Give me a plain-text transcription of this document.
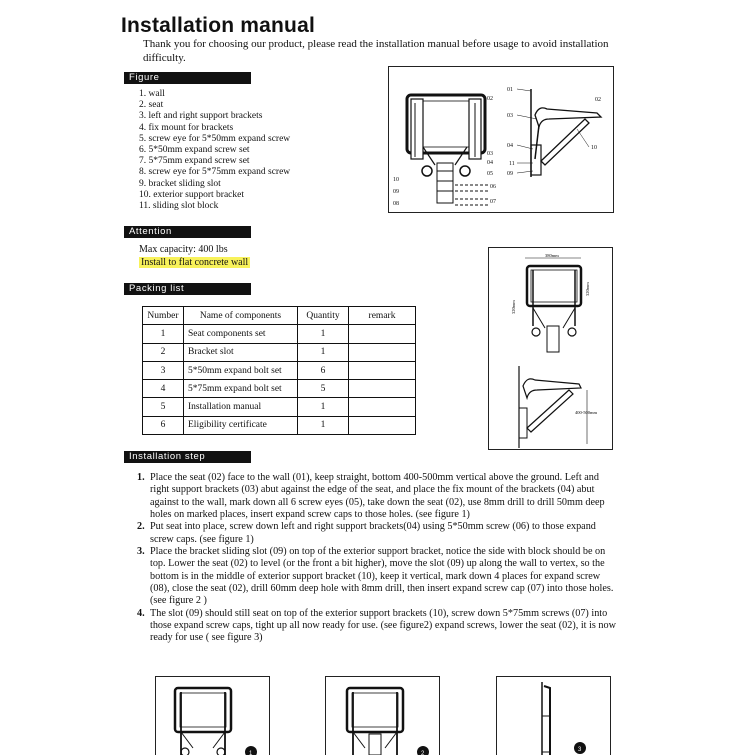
Installation manual
Thank you for choosing our product, please read the installation manual before usage to avoid installation difficulty.
Figure
1. wall
2. seat
3. left and right support brackets
4. fix mount for brackets
5. screw eye for 5*50mm expand screw
6. 5*50mm expand screw set
7. 5*75mm expand screw set
8. screw eye for 5*75mm expand screw
9. bracket sliding slot
10. exterior support bracket
11. sliding slot block
02
03
04
05
06
07
10
09
08
01
02
03
04
11
09
10
Attention
Max capacity: 400 lbs
Install to flat concrete wall
Packing list
Number	Name of components	Quantity	remark
1	Seat components set	1	
2	Bracket slot	1	
3	5*50mm expand bolt set	6	
4	5*75mm expand bolt set	5	
5	Installation manual	1	
6	Eligibility certificate	1	
380mm
320mm
320mm
400-500mm
Installation step
1. Place the seat (02) face to the wall (01), keep straight, bottom 400-500mm vertical above the ground. Left and right support brackets (03) abut against the edge of the seat, and place the fix mount of the brackets (04) abut against to the wall, mark down all 6 screw eyes (05), take down the seat (02), use 8mm drill to drill 50mm deep holes on marked places, insert expand screw caps to those holes. (see figure 1)
2. Put seat into place, screw down left and right support brackets(04) using 5*50mm screw (06) to those expand screw caps. (see figure 1)
3. Place the bracket sliding slot (09) on top of the exterior support bracket, notice the side with block should be on top. Lower the seat (02) to level (or the front a bit higher), move the slot (09) up along the wall to vertex, so the bottom is in the middle of exterior support bracket (10), keep it vertical, mark down 4 places for expand screw (08), close the seat (02), drill 60mm deep hole with 8mm drill, then insert expand screw cap (07) into those holes. (see figure 2 )
4. The slot (09) should still seat on top of the exterior support brackets (10), screw down 5*75mm screws (07) into those expand screw caps, tight up all now ready for use. (see figure2) expand screws, lower the seat (02), it is now ready for use ( see figure 3)
1	2
3
